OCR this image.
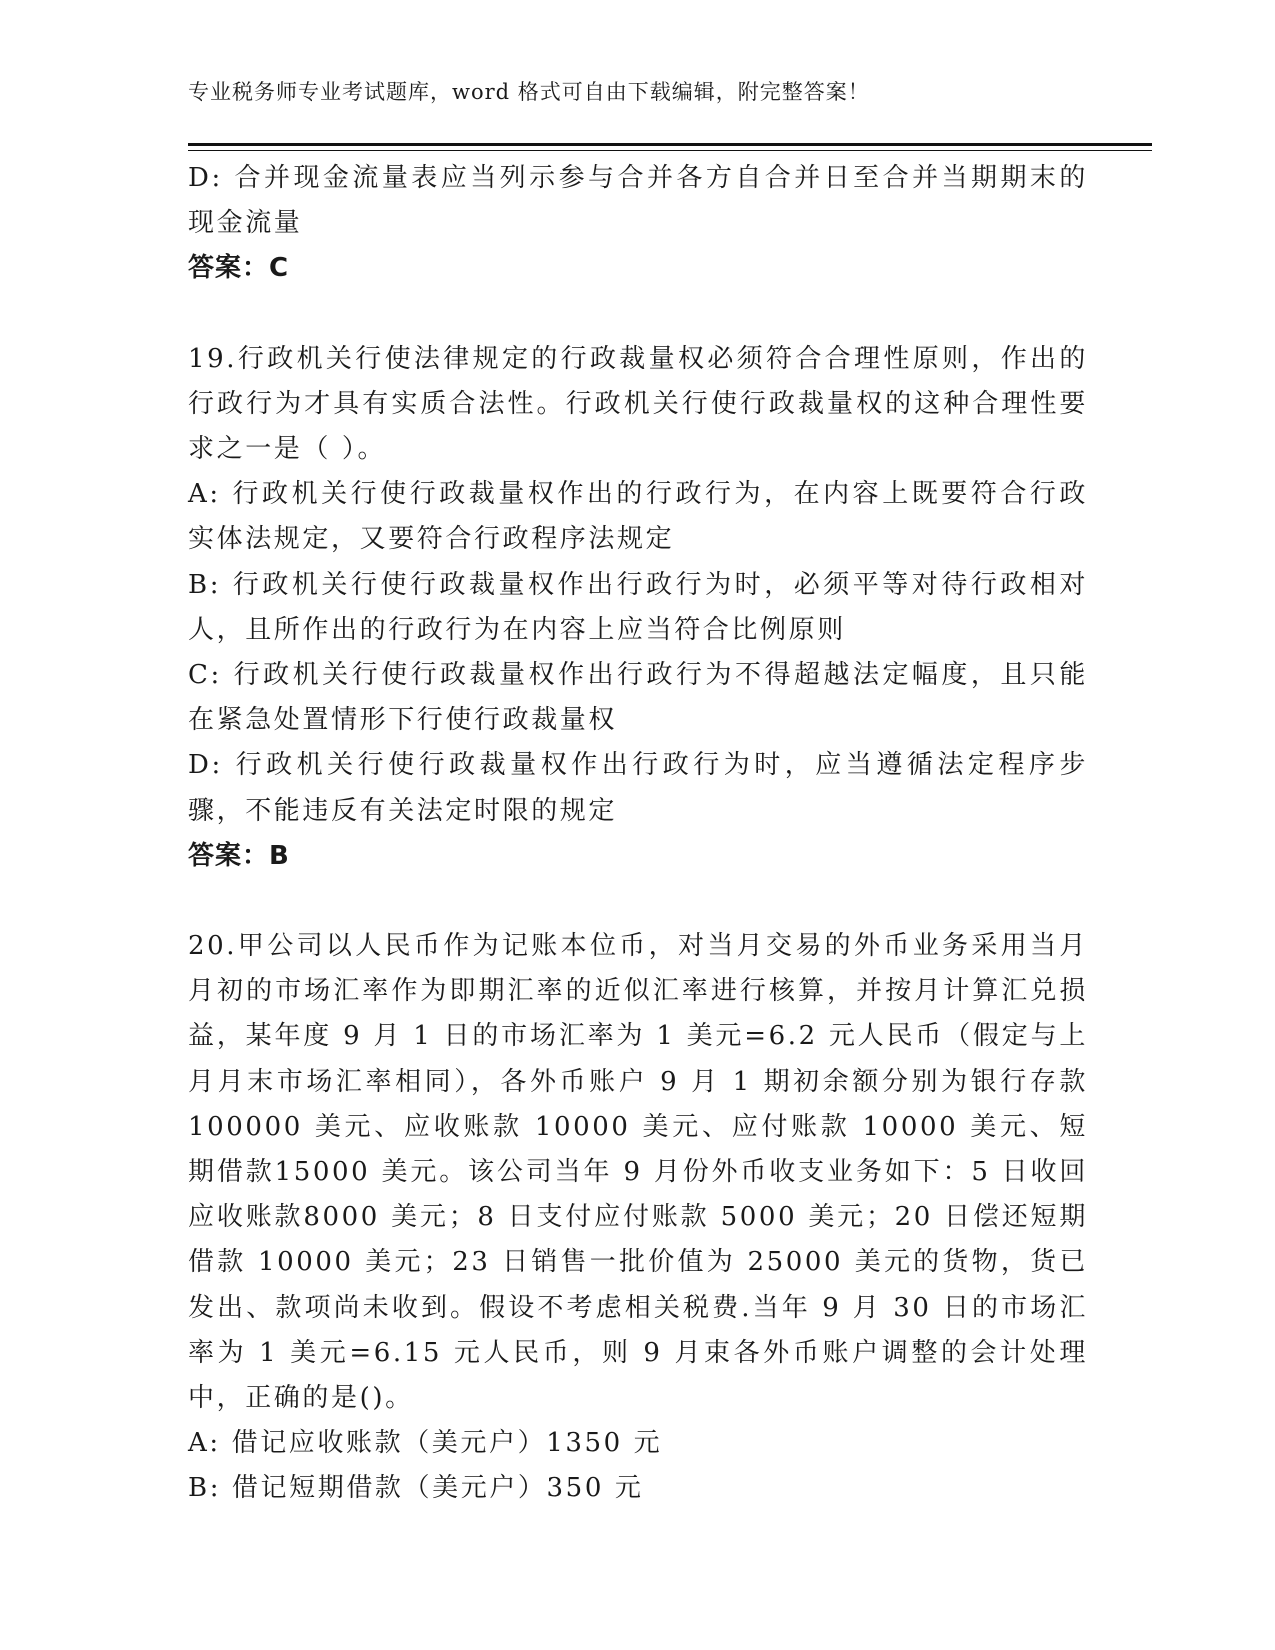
专业税务师专业考试题库，word 格式可自由下载编辑，附完整答案！

D: 合并现金流量表应当列示参与合并各方自合并日至合并当期期末的现金流量

答案：C

19.行政机关行使法律规定的行政裁量权必须符合合理性原则，作出的行政行为才具有实质合法性。行政机关行使行政裁量权的这种合理性要求之一是（ ）。

A: 行政机关行使行政裁量权作出的行政行为，在内容上既要符合行政实体法规定，又要符合行政程序法规定

B: 行政机关行使行政裁量权作出行政行为时，必须平等对待行政相对人，且所作出的行政行为在内容上应当符合比例原则

C: 行政机关行使行政裁量权作出行政行为不得超越法定幅度，且只能在紧急处置情形下行使行政裁量权

D: 行政机关行使行政裁量权作出行政行为时，应当遵循法定程序步骤，不能违反有关法定时限的规定

答案：B

20.甲公司以人民币作为记账本位币，对当月交易的外币业务采用当月月初的市场汇率作为即期汇率的近似汇率进行核算，并按月计算汇兑损益，某年度 9 月 1 日的市场汇率为 1 美元=6.2 元人民币（假定与上月月末市场汇率相同），各外币账户 9 月 1 期初余额分别为银行存款100000 美元、应收账款 10000 美元、应付账款 10000 美元、短期借款15000 美元。该公司当年 9 月份外币收支业务如下：5 日收回应收账款8000 美元；8 日支付应付账款 5000 美元；20 日偿还短期借款 10000 美元；23 日销售一批价值为 25000 美元的货物，货已发出、款项尚未收到。假设不考虑相关税费.当年 9 月 30 日的市场汇率为 1 美元=6.15 元人民币，则 9 月束各外币账户调整的会计处理中，正确的是()。

A: 借记应收账款（美元户）1350 元

B: 借记短期借款（美元户）350 元
